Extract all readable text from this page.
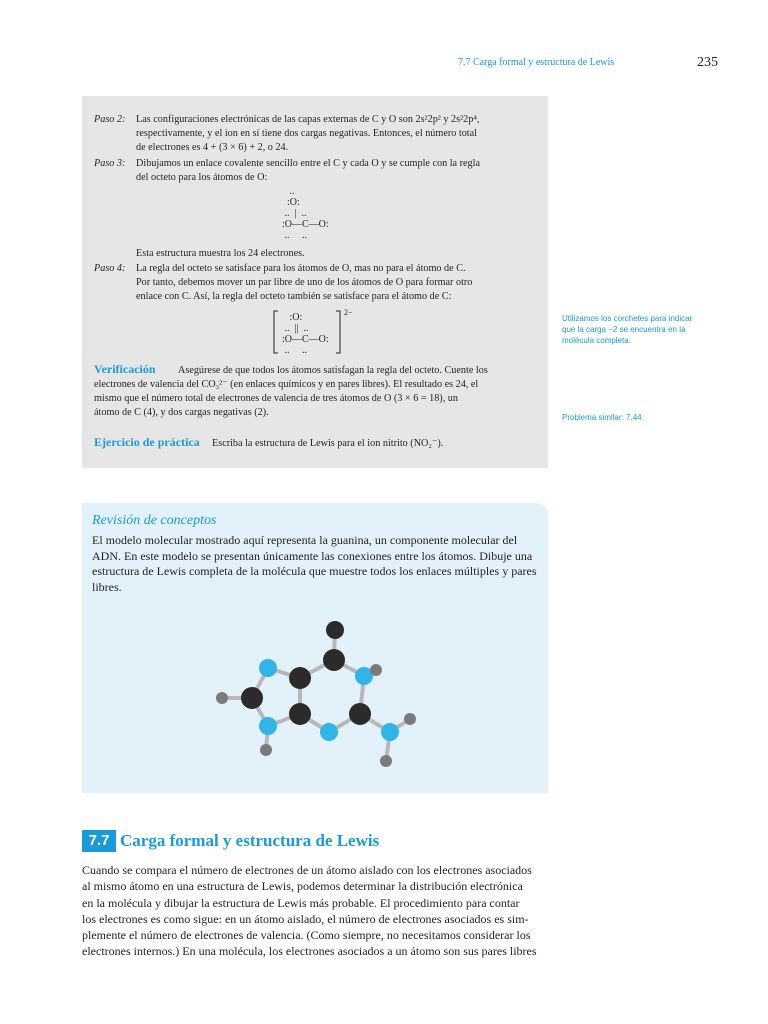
7.7 Carga formal y estructura de Lewis	235
Paso 2: Las configuraciones electrónicas de las capas externas de C y O son 2s²2p² y 2s²2p⁴,
respectivamente, y el ion en sí tiene dos cargas negativas. Entonces, el número total
de electrones es 4 + (3 × 6) + 2, o 24.
Paso 3: Dibujamos un enlace covalente sencillo entre el C y cada O y se cumple con la regla
del octeto para los átomos de O:
..
:O:
..  |  ..
:O—C—O:
..     ..
Esta estructura muestra los 24 electrones.
Paso 4: La regla del octeto se satisface para los átomos de O, mas no para el átomo de C.
Por tanto, debemos mover un par libre de uno de los átomos de O para formar otro
enlace con C. Así, la regla del octeto también se satisface para el átomo de C:
:O:
..  ||  ..
:O—C—O:
..     ..
2−
Verificación Asegúrese de que todos los átomos satisfagan la regla del octeto. Cuente los
electrones de valencia del CO₃²⁻ (en enlaces químicos y en pares libres). El resultado es 24, el
mismo que el número total de electrones de valencia de tres átomos de O (3 × 6 = 18), un
átomo de C (4), y dos cargas negativas (2).
Ejercicio de práctica Escriba la estructura de Lewis para el ion nitrito (NO₂⁻).
Utilizamos los corchetes para indicar
que la carga −2 se encuentra en la
molécula completa.
Problema similar: 7.44.
Revisión de conceptos
El modelo molecular mostrado aquí representa la guanina, un componente molecular del ADN. En este modelo se presentan únicamente las conexiones entre los átomos. Dibuje una estructura de Lewis completa de la molécula que muestre todos los enlaces múltiples y pares libres.
7.7 Carga formal y estructura de Lewis
Cuando se compara el número de electrones de un átomo aislado con los electrones asociados
al mismo átomo en una estructura de Lewis, podemos determinar la distribución electrónica
en la molécula y dibujar la estructura de Lewis más probable. El procedimiento para contar
los electrones es como sigue: en un átomo aislado, el número de electrones asociados es sim-
plemente el número de electrones de valencia. (Como siempre, no necesitamos considerar los
electrones internos.) En una molécula, los electrones asociados a un átomo son sus pares libres
